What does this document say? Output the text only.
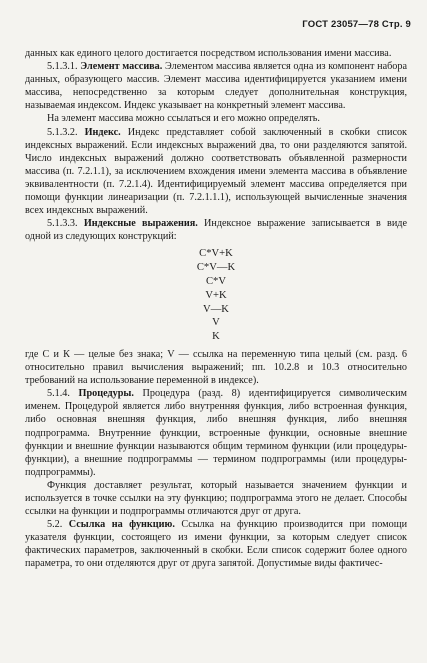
ГОСТ 23057—78 Стр. 9

данных как единого целого достигается посредством использования имени массива.

5.1.3.1. Элемент массива. Элементом массива является одна из компонент набора данных, образующего массив. Элемент массива идентифицируется указанием имени массива, непосредственно за которым следует дополнительная конструкция, называемая индексом. Индекс указывает на конкретный элемент массива.

На элемент массива можно ссылаться и его можно определять.

5.1.3.2. Индекс. Индекс представляет собой заключенный в скобки список индексных выражений. Если индексных выражений два, то они разделяются запятой. Число индексных выражений должно соответствовать объявленной размерности массива (п. 7.2.1.1), за исключением вхождения имени элемента массива в объявление эквивалентности (п. 7.2.1.4). Идентифицируемый элемент массива определяется при помощи функции линеаризации (п. 7.2.1.1.1), использующей вычисленные значения всех индексных выражений.

5.1.3.3. Индексные выражения. Индексное выражение записывается в виде одной из следующих конструкций:

C*V+K
C*V—K
C*V
V+K
V—K
V
K

где С и К — целые без знака; V — ссылка на переменную типа целый (см. разд. 6 относительно правил вычисления выражений; пп. 10.2.8 и 10.3 относительно требований на использование переменной в индексе).

5.1.4. Процедуры. Процедура (разд. 8) идентифицируется символическим именем. Процедурой является либо внутренняя функция, либо встроенная функция, либо основная внешняя функция, либо внешняя функция, либо внешняя подпрограмма. Внутренние функции, встроенные функции, основные внешние функции и внешние функции называются общим термином функции (или процедуры-функции), а внешние подпрограммы — термином подпрограммы (или процедуры-подпрограммы).

Функция доставляет результат, который называется значением функции и используется в точке ссылки на эту функцию; подпрограмма этого не делает. Способы ссылки на функции и подпрограммы отличаются друг от друга.

5.2. Ссылка на функцию. Ссылка на функцию производится при помощи указателя функции, состоящего из имени функции, за которым следует список фактических параметров, заключенный в скобки. Если список содержит более одного параметра, то они отделяются друг от друга запятой. Допустимые виды фактичес-
